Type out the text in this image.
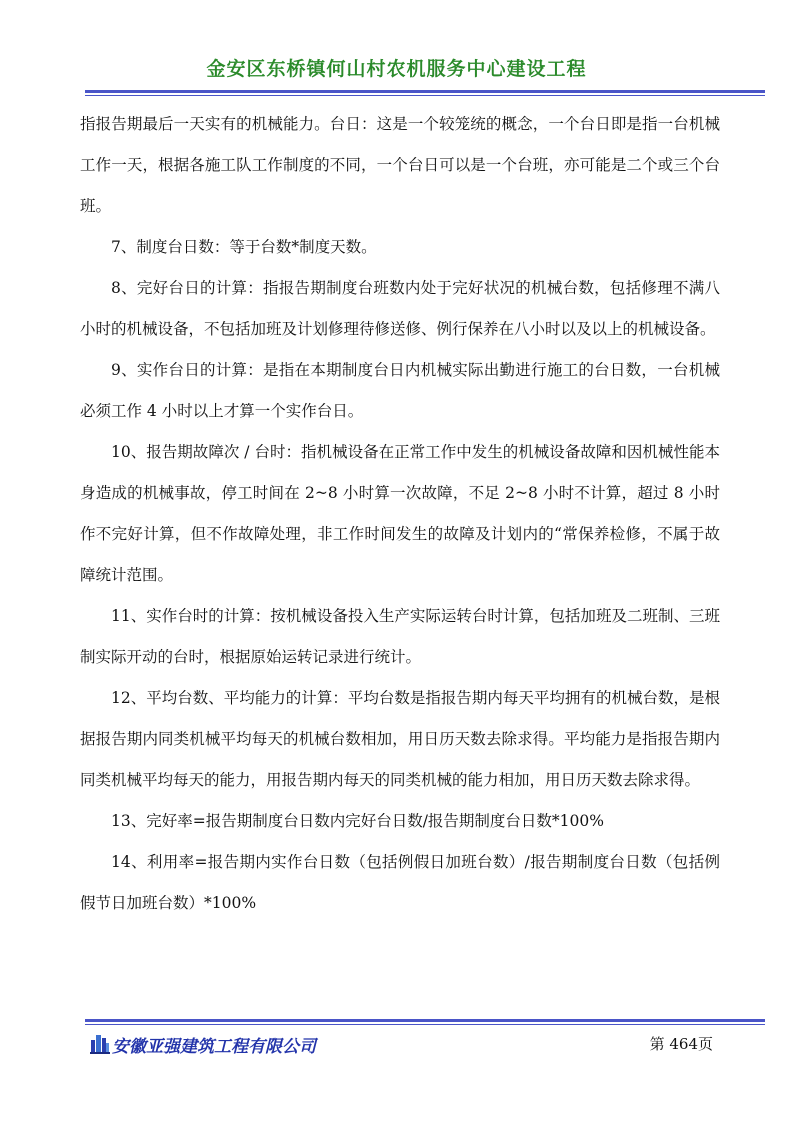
金安区东桥镇何山村农机服务中心建设工程

指报告期最后一天实有的机械能力。台日：这是一个较笼统的概念，一个台日即是指一台机械工作一天，根据各施工队工作制度的不同，一个台日可以是一个台班，亦可能是二个或三个台班。

7、制度台日数：等于台数*制度天数。

8、完好台日的计算：指报告期制度台班数内处于完好状况的机械台数，包括修理不满八小时的机械设备，不包括加班及计划修理待修送修、例行保养在八小时以及以上的机械设备。

9、实作台日的计算：是指在本期制度台日内机械实际出勤进行施工的台日数，一台机械必须工作 4 小时以上才算一个实作台日。

10、报告期故障次 / 台时：指机械设备在正常工作中发生的机械设备故障和因机械性能本身造成的机械事故，停工时间在 2~8 小时算一次故障，不足 2~8 小时不计算，超过 8 小时作不完好计算，但不作故障处理，非工作时间发生的故障及计划内的“常保养检修，不属于故障统计范围。

11、实作台时的计算：按机械设备投入生产实际运转台时计算，包括加班及二班制、三班制实际开动的台时，根据原始运转记录进行统计。

12、平均台数、平均能力的计算：平均台数是指报告期内每天平均拥有的机械台数，是根据报告期内同类机械平均每天的机械台数相加，用日历天数去除求得。平均能力是指报告期内同类机械平均每天的能力，用报告期内每天的同类机械的能力相加，用日历天数去除求得。

13、完好率=报告期制度台日数内完好台日数/报告期制度台日数*100%

14、利用率=报告期内实作台日数（包括例假日加班台数）/报告期制度台日数（包括例假节日加班台数）*100%

安徽亚强建筑工程有限公司	第 464页
